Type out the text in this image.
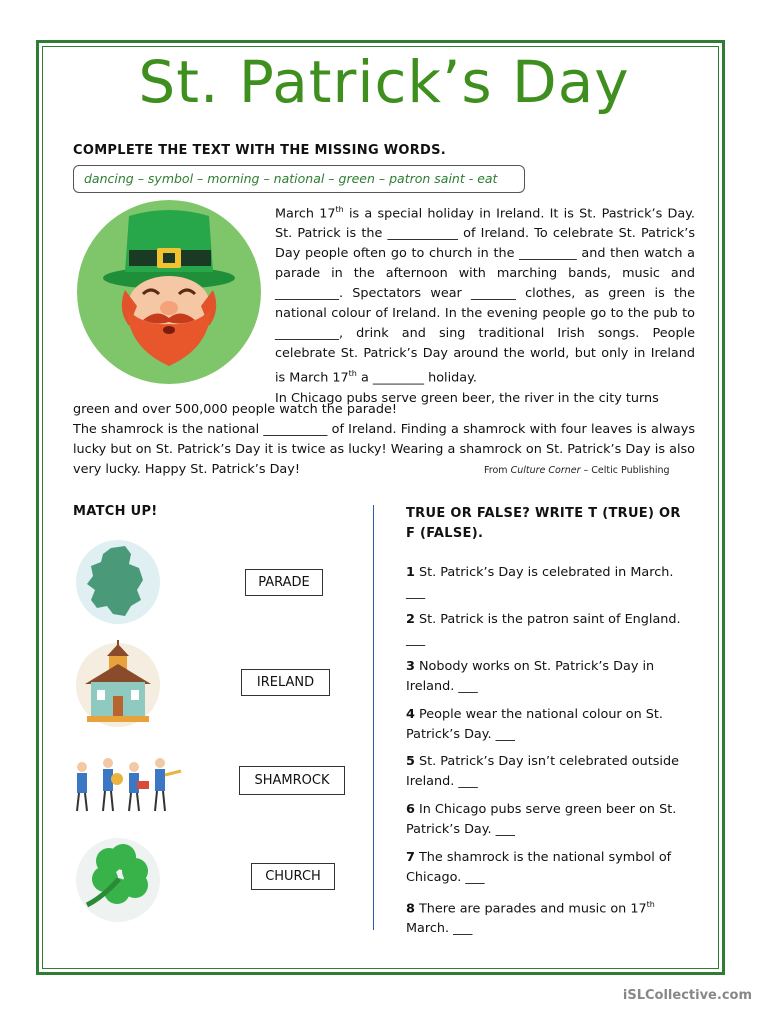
St. Patrick’s Day
COMPLETE THE TEXT WITH THE MISSING WORDS.
dancing – symbol – morning – national – green – patron saint - eat

March 17th is a special holiday in Ireland. It is St. Pastrick’s Day. St. Patrick is the ___________ of Ireland. To celebrate St. Patrick’s Day people often go to church in the _________ and then watch a parade in the afternoon with marching bands, music and __________. Spectators wear _______ clothes, as green is the national colour of Ireland. In the evening people go to the pub to __________, drink and sing traditional Irish songs. People celebrate St. Patrick’s Day around the world, but only in Ireland is March 17th a ________ holiday.

In Chicago pubs serve green beer, the river in the city turns

green and over 500,000 people watch the parade!

The shamrock is the national __________ of Ireland. Finding a shamrock with four leaves is always lucky but on St. Patrick’s Day it is twice as lucky! Wearing a shamrock on St. Patrick’s Day is also very lucky. Happy St. Patrick’s Day!	From Culture Corner – Celtic Publishing
MATCH UP!
PARADE
IRELAND
SHAMROCK
CHURCH
TRUE OR FALSE? WRITE T (TRUE) OR
F (FALSE).
1 St. Patrick’s Day is celebrated in March.
___
2 St. Patrick is the patron saint of England.
___
3 Nobody works on St. Patrick’s Day in Ireland. ___
4 People wear the national colour on St. Patrick’s Day. ___
5 St. Patrick’s Day isn’t celebrated outside Ireland. ___
6 In Chicago pubs serve green beer on St. Patrick’s Day. ___
7 The shamrock is the national symbol of Chicago. ___
8 There are parades and music on 17th
March. ___
iSLCollective.com
